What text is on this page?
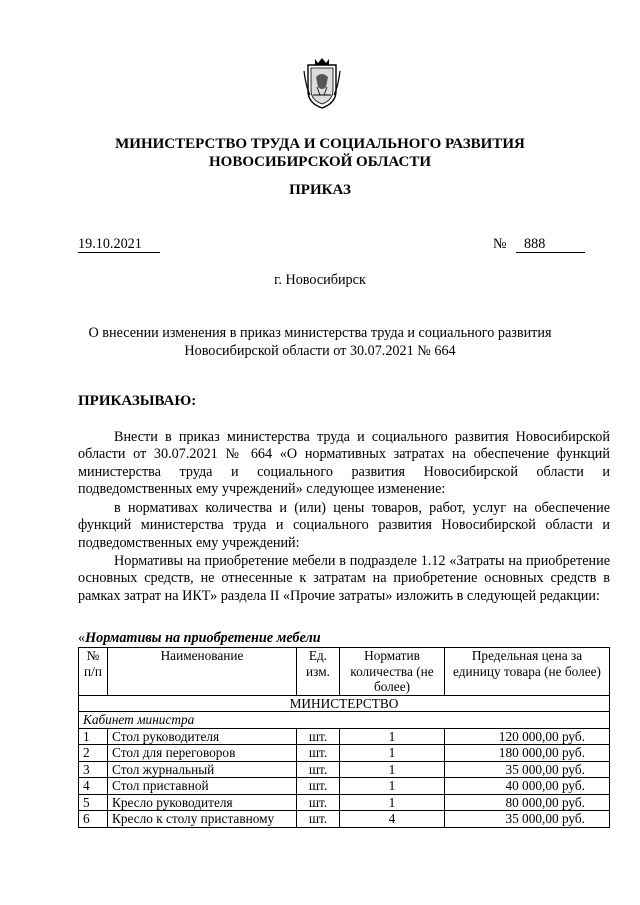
МИНИСТЕРСТВО ТРУДА И СОЦИАЛЬНОГО РАЗВИТИЯ
НОВОСИБИРСКОЙ ОБЛАСТИ
ПРИКАЗ
19.10.2021	№	888
г. Новосибирск
О внесении изменения в приказ министерства труда и социального развития
Новосибирской области от 30.07.2021 № 664
ПРИКАЗЫВАЮ:
Внести в приказ министерства труда и социального развития Новосибирской области от 30.07.2021 № 664 «О нормативных затратах на обеспечение функций министерства труда и социального развития Новосибирской области и подведомственных ему учреждений» следующее изменение:
в нормативах количества и (или) цены товаров, работ, услуг на обеспечение функций министерства труда и социального развития Новосибирской области и подведомственных ему учреждений:
Нормативы на приобретение мебели в подразделе 1.12 «Затраты на приобретение основных средств, не отнесенные к затратам на приобретение основных средств в рамках затрат на ИКТ» раздела II «Прочие затраты» изложить в следующей редакции:
«Нормативы на приобретение мебели
№ п/п	Наименование	Ед. изм.	Норматив количества (не более)	Предельная цена за единицу товара (не более)
МИНИСТЕРСТВО				
Кабинет министра				
1	Стол руководителя	шт.	1	120 000,00 руб.
2	Стол для переговоров	шт.	1	180 000,00 руб.
3	Стол журнальный	шт.	1	35 000,00 руб.
4	Стол приставной	шт.	1	40 000,00 руб.
5	Кресло руководителя	шт.	1	80 000,00 руб.
6	Кресло к столу приставному	шт.	4	35 000,00 руб.
